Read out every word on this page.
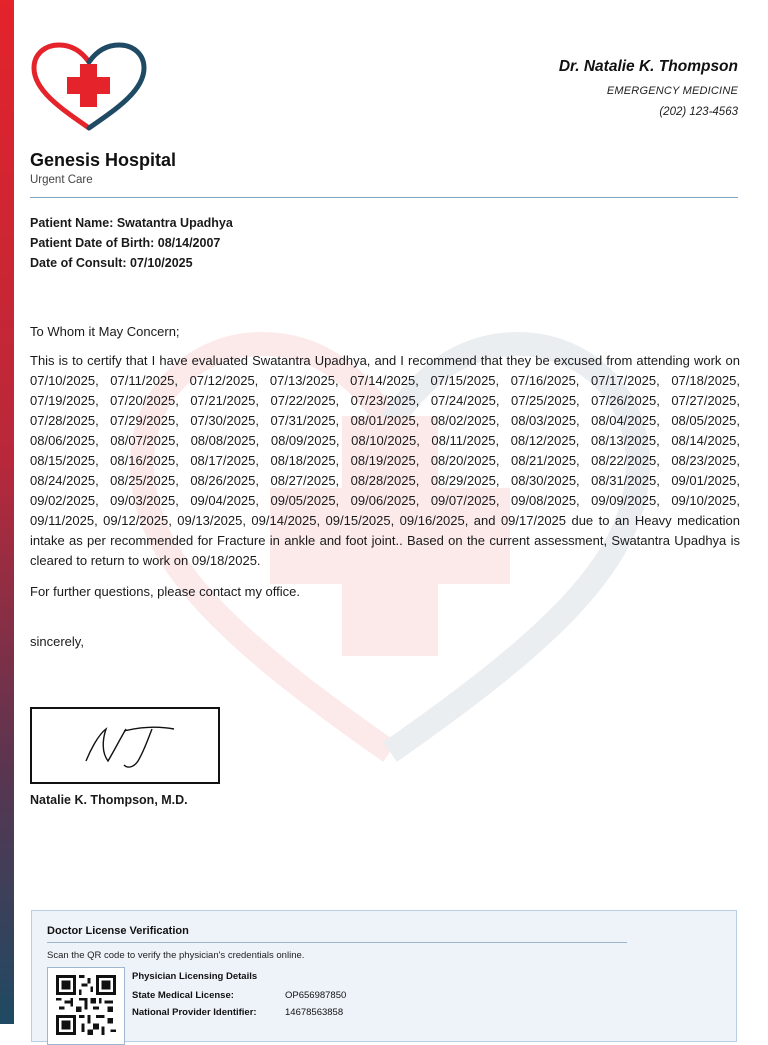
Dr. Natalie K. Thompson
EMERGENCY MEDICINE
(202) 123-4563
Genesis Hospital
Urgent Care
Patient Name: Swatantra Upadhya
Patient Date of Birth: 08/14/2007
Date of Consult: 07/10/2025

To Whom it May Concern;

This is to certify that I have evaluated Swatantra Upadhya, and I recommend that they be excused from attending work on 07/10/2025, 07/11/2025, 07/12/2025, 07/13/2025, 07/14/2025, 07/15/2025, 07/16/2025, 07/17/2025, 07/18/2025, 07/19/2025, 07/20/2025, 07/21/2025, 07/22/2025, 07/23/2025, 07/24/2025, 07/25/2025, 07/26/2025, 07/27/2025, 07/28/2025, 07/29/2025, 07/30/2025, 07/31/2025, 08/01/2025, 08/02/2025, 08/03/2025, 08/04/2025, 08/05/2025, 08/06/2025, 08/07/2025, 08/08/2025, 08/09/2025, 08/10/2025, 08/11/2025, 08/12/2025, 08/13/2025, 08/14/2025, 08/15/2025, 08/16/2025, 08/17/2025, 08/18/2025, 08/19/2025, 08/20/2025, 08/21/2025, 08/22/2025, 08/23/2025, 08/24/2025, 08/25/2025, 08/26/2025, 08/27/2025, 08/28/2025, 08/29/2025, 08/30/2025, 08/31/2025, 09/01/2025, 09/02/2025, 09/03/2025, 09/04/2025, 09/05/2025, 09/06/2025, 09/07/2025, 09/08/2025, 09/09/2025, 09/10/2025, 09/11/2025, 09/12/2025, 09/13/2025, 09/14/2025, 09/15/2025, 09/16/2025, and 09/17/2025 due to an Heavy medication intake as per recommended for Fracture in ankle and foot joint.. Based on the current assessment, Swatantra Upadhya is cleared to return to work on 09/18/2025.

For further questions, please contact my office.

sincerely,

Natalie K. Thompson, M.D.
Doctor License Verification
Scan the QR code to verify the physician's credentials online.
Physician Licensing Details
State Medical License:	OP656987850
National Provider Identifier:	14678563858
